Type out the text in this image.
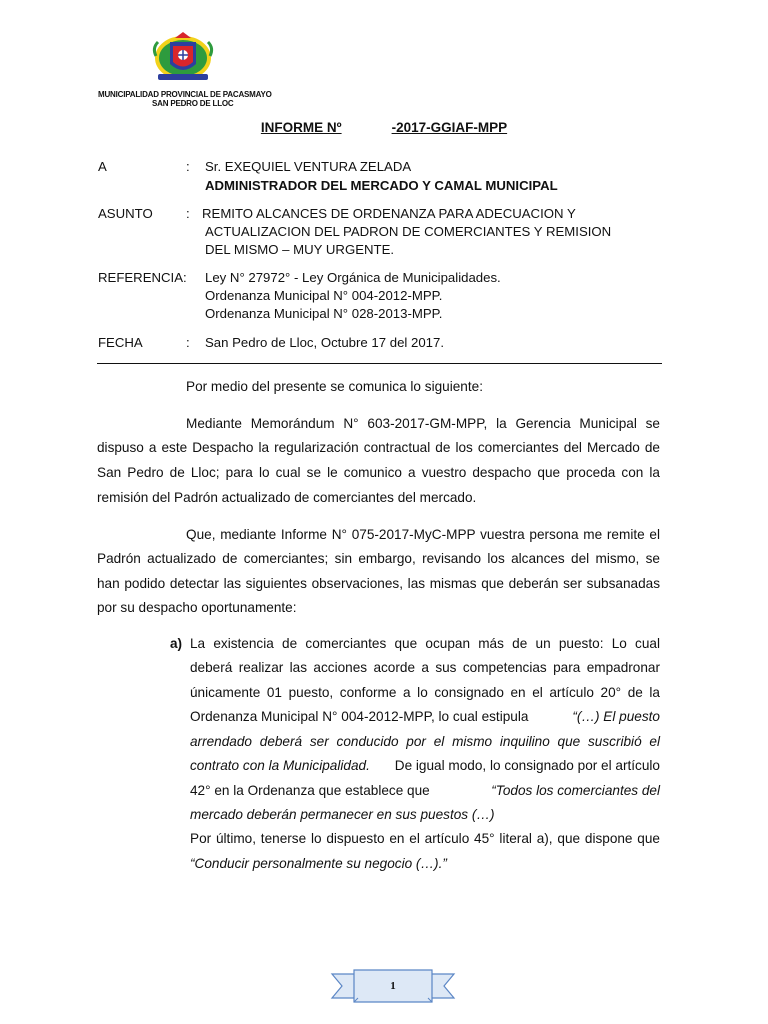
MUNICIPALIDAD PROVINCIAL DE PACASMAYO
SAN PEDRO DE LLOC
INFORME Nº	-2017-GGIAF-MPP
A	: Sr. EXEQUIEL VENTURA ZELADA
ADMINISTRADOR DEL MERCADO Y CAMAL MUNICIPAL
ASUNTO	: REMITO ALCANCES DE ORDENANZA PARA ADECUACION Y
ACTUALIZACION DEL PADRON DE COMERCIANTES Y REMISION
DEL MISMO – MUY URGENTE.
REFERENCIA: Ley N° 27972° - Ley Orgánica de Municipalidades.
Ordenanza Municipal N° 004-2012-MPP.
Ordenanza Municipal N° 028-2013-MPP.
FECHA	: San Pedro de Lloc, Octubre 17 del 2017.
Por medio del presente se comunica lo siguiente:
Mediante Memorándum N° 603-2017-GM-MPP, la Gerencia Municipal se
dispuso a este Despacho la regularización contractual de los comerciantes del Mercado de
San Pedro de Lloc; para lo cual se le comunico a vuestro despacho que proceda con la
remisión del Padrón actualizado de comerciantes del mercado.
Que, mediante Informe N° 075-2017-MyC-MPP vuestra persona me remite el
Padrón actualizado de comerciantes; sin embargo, revisando los alcances del mismo, se
han podido detectar las siguientes observaciones, las mismas que deberán ser subsanadas
por su despacho oportunamente:
a) La existencia de comerciantes que ocupan más de un puesto: Lo cual
deberá realizar las acciones acorde a sus competencias para empadronar
únicamente 01 puesto, conforme a lo consignado en el artículo 20° de la
Ordenanza Municipal N° 004-2012-MPP, lo cual estipula	“(…) El puesto
arrendado deberá ser conducido por el mismo inquilino que suscribió el
contrato con la Municipalidad. De igual modo, lo consignado por el artículo
42° en la Ordenanza que establece que	“Todos los comerciantes del
mercado deberán permanecer en sus puestos (…)
Por último, tenerse lo dispuesto en el artículo 45° literal a), que dispone que
“Conducir personalmente su negocio (…).”
1
